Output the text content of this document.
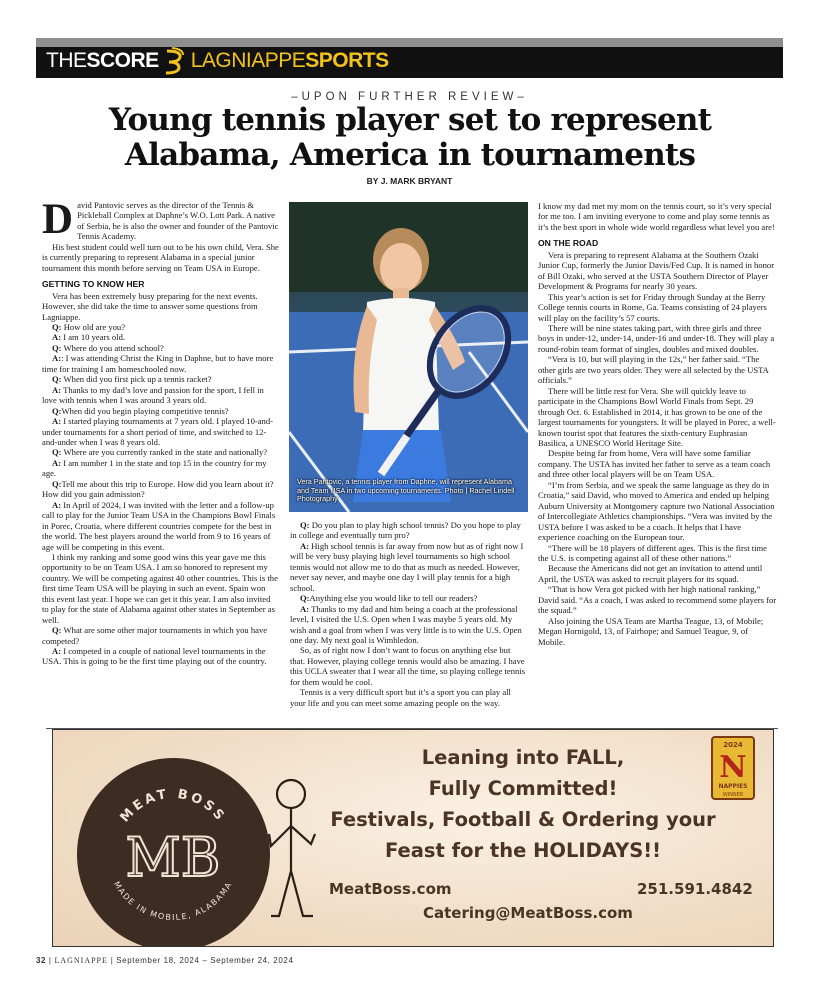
THE SCORE LAGNIAPPE SPORTS
–UPON FURTHER REVIEW–
Young tennis player set to represent Alabama, America in tournaments
BY J. MARK BRYANT

David Pantovic serves as the director of the Tennis & Pickleball Complex at Daphne’s W.O. Lott Park. A native of Serbia, he is also the owner and founder of the Pantovic Tennis Academy.

His best student could well turn out to be his own child, Vera. She is currently preparing to represent Alabama in a special junior tournament this month before serving on Team USA in Europe.

GETTING TO KNOW HER

Vera has been extremely busy preparing for the next events. However, she did take the time to answer some questions from Lagniappe.

Q: How old are you?

A: I am 10 years old.

Q: Where do you attend school?

A:: I was attending Christ the King in Daphne, but to have more time for training I am homeschooled now.

Q: When did you first pick up a tennis racket?

A: Thanks to my dad’s love and passion for the sport, I fell in love with tennis when I was around 3 years old.

Q:When did you begin playing competitive tennis?

A: I started playing tournaments at 7 years old. I played 10-and-under tournaments for a short period of time, and switched to 12-and-under when I was 8 years old.

Q: Where are you currently ranked in the state and nationally?

A: I am number 1 in the state and top 15 in the country for my age.

Q:Tell me about this trip to Europe. How did you learn about it? How did you gain admission?

A: In April of 2024, I was invited with the letter and a follow-up call to play for the Junior Team USA in the Champions Bowl Finals in Porec, Croatia, where different countries compete for the best in the world. The best players around the world from 9 to 16 years of age will be competing in this event.

I think my ranking and some good wins this year gave me this opportunity to be on Team USA. I am so honored to represent my country. We will be competing against 40 other countries. This is the first time Team USA will be playing in such an event. Spain won this event last year. I hope we can get it this year. I am also invited to play for the state of Alabama against other states in September as well.

Q: What are some other major tournaments in which you have competed?

A: I competed in a couple of national level tournaments in the USA. This is going to be the first time playing out of the country.

Vera Pantovic, a tennis player from Daphne, will represent Alabama and Team USA in two upcoming tournaments. Photo | Rachel Lindell Photography

Q: Do you plan to play high school tennis? Do you hope to play in college and eventually turn pro?

A: High school tennis is far away from now but as of right now I will be very busy playing high level tournaments so high school tennis would not allow me to do that as much as needed. However, never say never, and maybe one day I will play tennis for a high school.

Q:Anything else you would like to tell our readers?

A: Thanks to my dad and him being a coach at the professional level, I visited the U.S. Open when I was maybe 5 years old. My wish and a goal from when I was very little is to win the U.S. Open one day. My next goal is Wimbledon.

So, as of right now I don’t want to focus on anything else but that. However, playing college tennis would also be amazing. I have this UCLA sweater that I wear all the time, so playing college tennis for them would be cool.

Tennis is a very difficult sport but it’s a sport you can play all your life and you can meet some amazing people on the way.

I know my dad met my mom on the tennis court, so it’s very special for me too. I am inviting everyone to come and play some tennis as it’s the best sport in whole wide world regardless what level you are!

ON THE ROAD

Vera is preparing to represent Alabama at the Southern Ozaki Junior Cup, formerly the Junior Davis/Fed Cup. It is named in honor of Bill Ozaki, who served at the USTA Southern Director of Player Development & Programs for nearly 30 years.

This year’s action is set for Friday through Sunday at the Berry College tennis courts in Rome, Ga. Teams consisting of 24 players will play on the facility’s 57 courts.

There will be nine states taking part, with three girls and three boys in under-12, under-14, under-16 and under-18. They will play a round-robin team format of singles, doubles and mixed doubles.

“Vera is 10, but will playing in the 12s,” her father said. “The other girls are two years older. They were all selected by the USTA officials.”

There will be little rest for Vera. She will quickly leave to participate in the Champions Bowl World Finals from Sept. 29 through Oct. 6. Established in 2014, it has grown to be one of the largest tournaments for youngsters. It will be played in Porec, a well-known tourist spot that features the sixth-century Euphrasian Basilica, a UNESCO World Heritage Site.

Despite being far from home, Vera will have some familiar company. The USTA has invited her father to serve as a team coach and three other local players will be on Team USA.

“I’m from Serbia, and we speak the same language as they do in Croatia,” said David, who moved to America and ended up helping Auburn University at Montgomery capture two National Association of Intercollegiate Athletics championships. “Vera was invited by the USTA before I was asked to be a coach. It helps that I have experience coaching on the European tour.

“There will be 18 players of different ages. This is the first time the U.S. is competing against all of these other nations.”

Because the Americans did not get an invitation to attend until April, the USTA was asked to recruit players for its squad.

“That is how Vera got picked with her high national ranking,” David said. “As a coach, I was asked to recommend some players for the squad.”

Also joining the USA Team are Martha Teague, 13, of Mobile; Megan Hornigold, 13, of Fairhope; and Samuel Teague, 9, of Mobile.

MEAT BOSS
MADE IN MOBILE, ALABAMA
MB
Leaning into FALL,
Fully Committed!
Festivals, Football & Ordering your
Feast for the HOLIDAYS!!
MeatBoss.com	251.591.4842
Catering@MeatBoss.com
2024
N
NAPPIES
WINNER
32 | LAGNIAPPE | September 18, 2024 – September 24, 2024
